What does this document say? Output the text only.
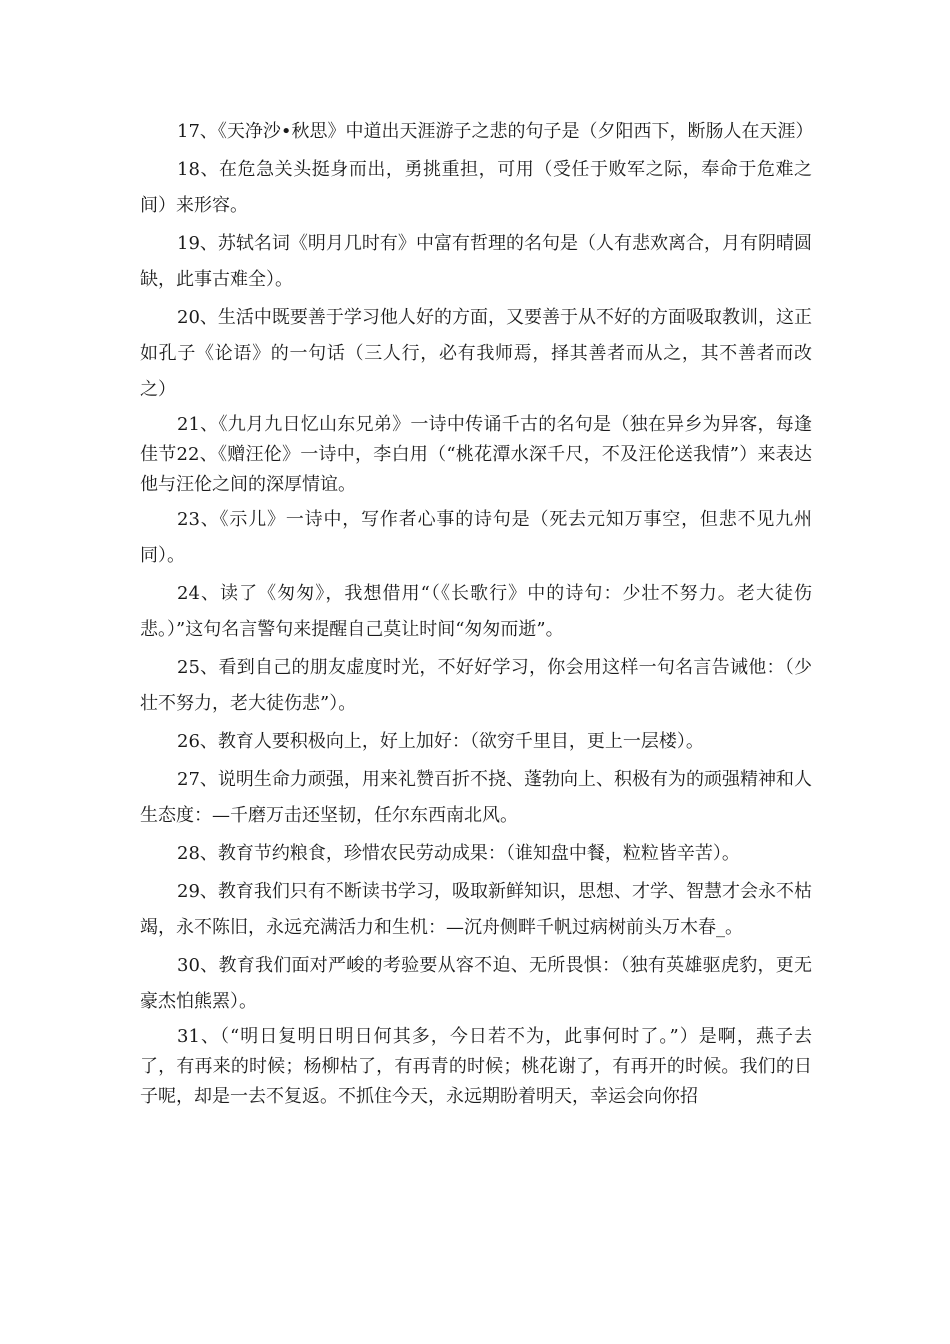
17、《天净沙•秋思》中道出天涯游子之悲的句子是（夕阳西下，断肠人在天涯）

18、在危急关头挺身而出，勇挑重担，可用（受任于败军之际，奉命于危难之间）来形容。

19、苏轼名词《明月几时有》中富有哲理的名句是（人有悲欢离合，月有阴晴圆缺，此事古难全）。

20、生活中既要善于学习他人好的方面，又要善于从不好的方面吸取教训，这正如孔子《论语》的一句话（三人行，必有我师焉，择其善者而从之，其不善者而改之）

21、《九月九日忆山东兄弟》一诗中传诵千古的名句是（独在异乡为异客，每逢佳节22、《赠汪伦》一诗中，李白用（“桃花潭水深千尺，不及汪伦送我情”）来表达他与汪伦之间的深厚情谊。

23、《示儿》一诗中，写作者心事的诗句是（死去元知万事空，但悲不见九州同）。

24、读了《匆匆》，我想借用“（《长歌行》中的诗句：少壮不努力。老大徒伤悲。）”这句名言警句来提醒自己莫让时间“匆匆而逝”。

25、看到自己的朋友虚度时光，不好好学习，你会用这样一句名言告诫他：（少壮不努力，老大徒伤悲”）。

26、教育人要积极向上，好上加好：（欲穷千里目，更上一层楼）。

27、说明生命力顽强，用来礼赞百折不挠、蓬勃向上、积极有为的顽强精神和人生态度：—千磨万击还坚韧，任尔东西南北风。

28、教育节约粮食，珍惜农民劳动成果：（谁知盘中餐，粒粒皆辛苦）。

29、教育我们只有不断读书学习，吸取新鲜知识，思想、才学、智慧才会永不枯竭，永不陈旧，永远充满活力和生机：—沉舟侧畔千帆过病树前头万木春_。

30、教育我们面对严峻的考验要从容不迫、无所畏惧：（独有英雄驱虎豹，更无豪杰怕熊罴）。

31、（“明日复明日明日何其多，今日若不为，此事何时了。”）是啊，燕子去了，有再来的时候；杨柳枯了，有再青的时候；桃花谢了，有再开的时候。我们的日子呢，却是一去不复返。不抓住今天，永远期盼着明天，幸运会向你招
